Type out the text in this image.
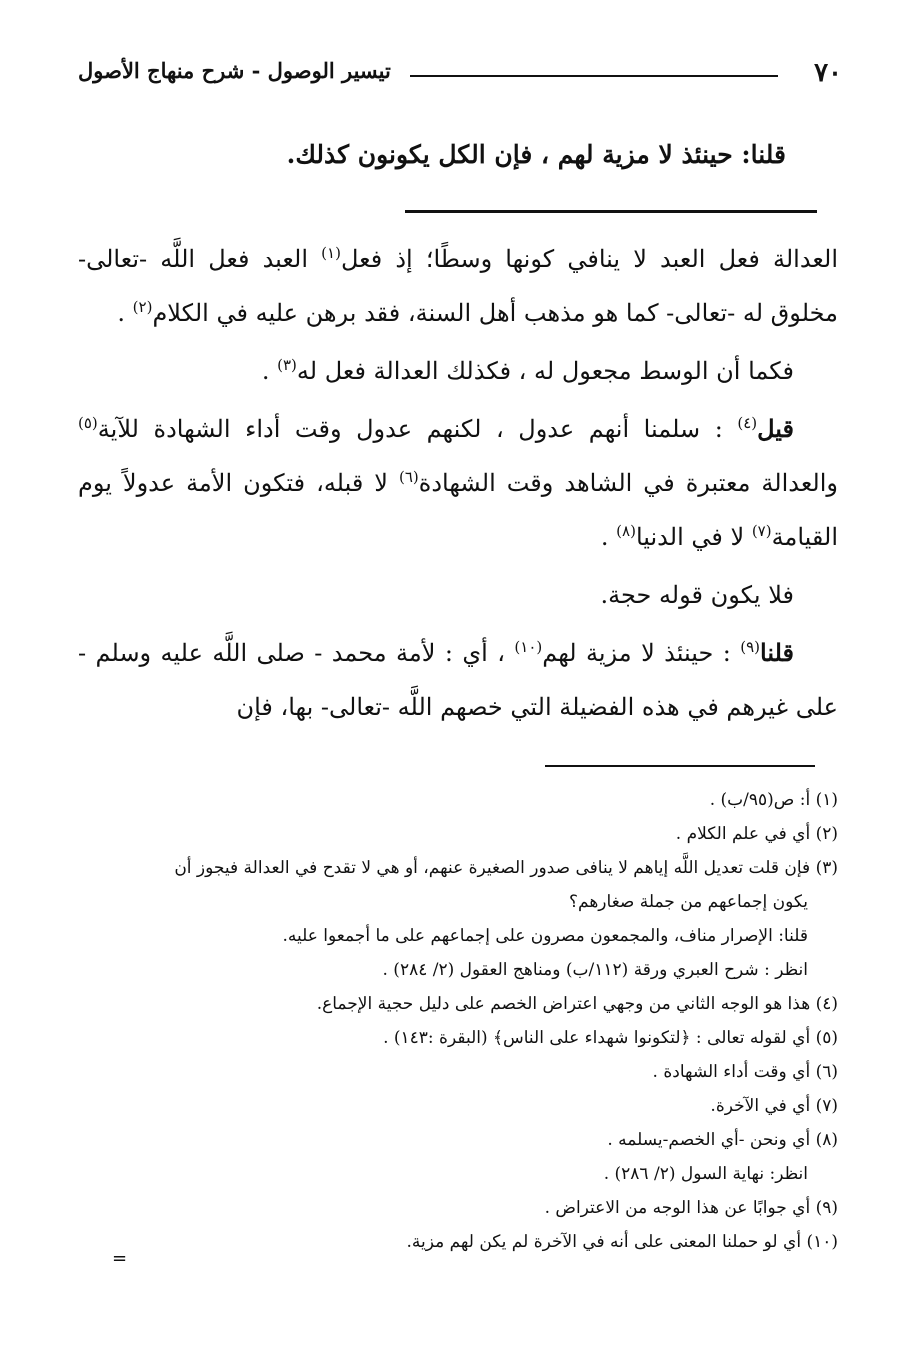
٧٠
تيسير الوصول - شرح منهاج الأصول
قلنا: حينئذ لا مزية لهم ، فإن الكل يكونون كذلك.

العدالة فعل العبد لا ينافي كونها وسطًا؛ إذ فعل$^{(١)}$ العبد فعل اللَّه -تعالى- مخلوق له -تعالى- كما هو مذهب أهل السنة، فقد برهن عليه في الكلام$^{(٢)}$ .

فكما أن الوسط مجعول له ، فكذلك العدالة فعل له$^{(٣)}$ .

قيل$^{(٤)}$ : سلمنا أنهم عدول ، لكنهم عدول وقت أداء الشهادة للآية$^{(٥)}$ والعدالة معتبرة في الشاهد وقت الشهادة$^{(٦)}$ لا قبله، فتكون الأمة عدولاً يوم القيامة$^{(٧)}$ لا في الدنيا$^{(٨)}$ .

فلا يكون قوله حجة.

قلنا$^{(٩)}$ : حينئذ لا مزية لهم$^{(١٠)}$ ، أي : لأمة محمد - صلى اللَّه عليه وسلم - على غيرهم في هذه الفضيلة التي خصهم اللَّه -تعالى- بها، فإن

(١) أ: ص(٩٥/ب) .
(٢) أي في علم الكلام .
(٣) فإن قلت تعديل اللَّه إياهم لا ينافى صدور الصغيرة عنهم، أو هي لا تقدح في العدالة فيجوز أن
يكون إجماعهم من جملة صغارهم؟
قلنا: الإصرار مناف، والمجمعون مصرون على إجماعهم على ما أجمعوا عليه.
انظر : شرح العبري ورقة (١١٢/ب) ومناهج العقول (٢/ ٢٨٤) .
(٤) هذا هو الوجه الثاني من وجهي اعتراض الخصم على دليل حجية الإجماع.
(٥) أي لقوله تعالى : ﴿لتكونوا شهداء على الناس﴾ (البقرة :١٤٣) .
(٦) أي وقت أداء الشهادة .
(٧) أي في الآخرة.
(٨) أي ونحن -أي الخصم-يسلمه .
انظر: نهاية السول (٢/ ٢٨٦) .
(٩) أي جوابًا عن هذا الوجه من الاعتراض .
(١٠) أي لو حملنا المعنى على أنه في الآخرة لم يكن لهم مزية.
=
